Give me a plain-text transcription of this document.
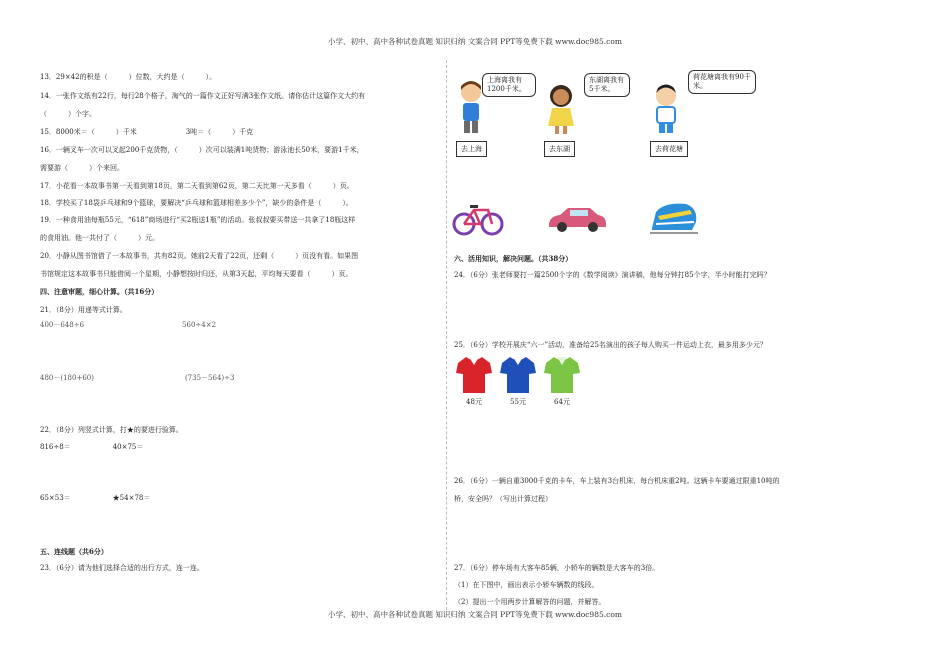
小学、初中、高中各种试卷真题 知识归纳 文案合同 PPT等免费下载 www.doc985.com
小学、初中、高中各种试卷真题 知识归纳 文案合同 PPT等免费下载 www.doc985.com
13．29×42的积是（　　　）位数，大约是（　　　）。
14．一张作文纸有22行，每行28个格子，淘气的一篇作文正好写满3张作文纸。请你估计这篇作文大约有
（　　　）个字。
15．8000米＝（　　　）千米　　　　　　　3吨＝（　　　）千克
16．一辆叉车一次可以叉起200千克货物，（　　　）次可以装满1吨货物；游泳池长50米，要游1千米，
需要游（　　　）个来回。
17．小花看一本故事书第一天看到第18页，第二天看到第62页，第二天比第一天多看（　　　）页。
18．学校买了18袋乒乓球和9个篮球，要解决“乒乓球和篮球相差多少个”，缺少的条件是（　　　）。
19．一种食用油每瓶55元，“618”商场进行“买2瓶送1瓶”的活动。张叔叔要买带送一共拿了18瓶这样
的食用油。他一共付了（　　　）元。
20．小静从图书馆借了一本故事书，共有82页。她前2天看了22页，还剩（　　　）页没有看。如果图
书馆规定这本故事书只能借阅一个星期，小静想按时归还，从第3天起，平均每天要看（　　　）页。
四、注意审题，细心计算。（共16分）
21．（8分）用递等式计算。
400－648÷6　　　　　　　　　　　　　　560÷4×2
480－(180+60)　　　　　　　　　　　　　(735－564)÷3
22．（8分）列竖式计算，打★的要进行验算。
816÷8＝　　　　　　40×75＝
65×53＝　　　　　　★54×78＝
五、连线题（共6分）
23．（6分）请为他们选择合适的出行方式，连一连。
上海离我有1200千米。
东湖离我有5千米。
荷花塘离我有90千米。
去上海	去东湖	去荷花塘
六、活用知识，解决问题。（共38分）
24．（6分）张老师要打一篇2500个字的《数学阅读》演讲稿，他每分钟打85个字，半小时能打完吗？
25．（6分）学校开展庆“六一”活动，准备给25名演出的孩子每人购买一件运动上衣，最多用多少元？
48元	55元	64元
26．（6分）一辆自重3000千克的卡车，车上装有3台机床，每台机床重2吨。这辆卡车要通过限重10吨的
桥，安全吗？（写出计算过程）
27．（6分）停车场有大客车85辆，小轿车的辆数是大客车的3倍。
（1）在下图中，画出表示小轿车辆数的线段。
（2）提出一个用两步计算解答的问题，并解答。
